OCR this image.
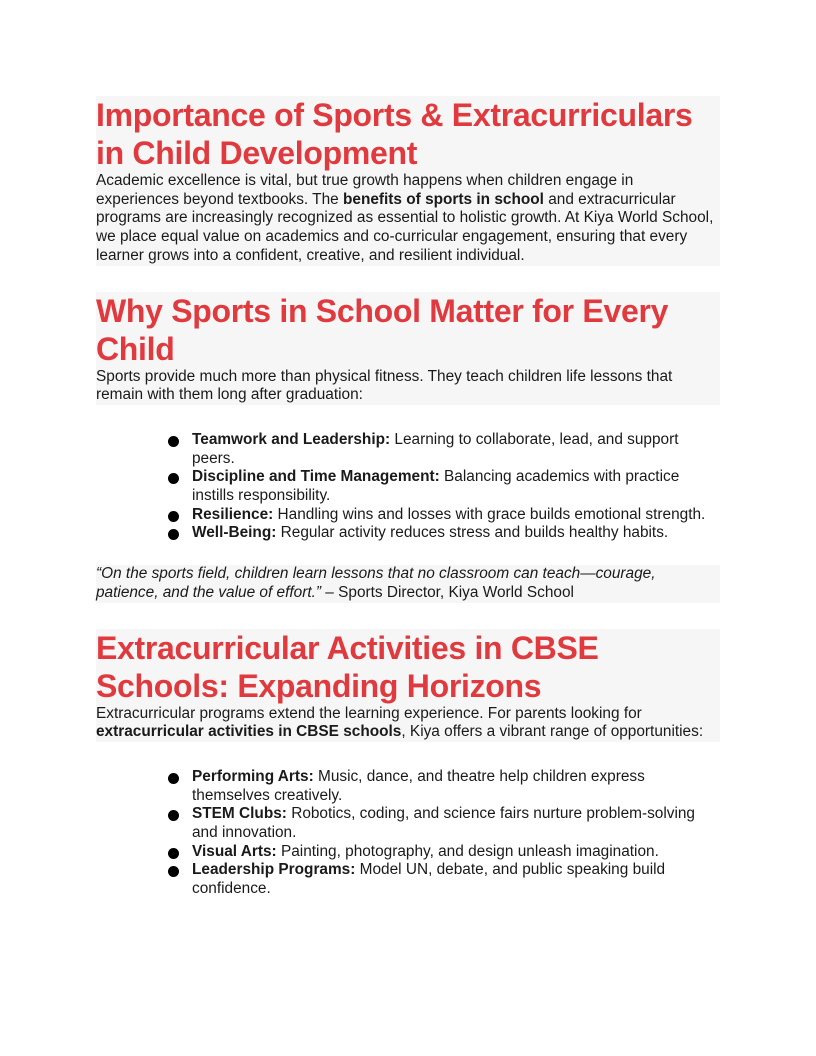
Importance of Sports & Extracurriculars in Child Development

Academic excellence is vital, but true growth happens when children engage in experiences beyond textbooks. The benefits of sports in school and extracurricular programs are increasingly recognized as essential to holistic growth. At Kiya World School, we place equal value on academics and co-curricular engagement, ensuring that every learner grows into a confident, creative, and resilient individual.

Why Sports in School Matter for Every Child

Sports provide much more than physical fitness. They teach children life lessons that remain with them long after graduation:

Teamwork and Leadership: Learning to collaborate, lead, and support peers.
Discipline and Time Management: Balancing academics with practice instills responsibility.
Resilience: Handling wins and losses with grace builds emotional strength.
Well-Being: Regular activity reduces stress and builds healthy habits.
“On the sports field, children learn lessons that no classroom can teach—courage, patience, and the value of effort.” – Sports Director, Kiya World School
Extracurricular Activities in CBSE Schools: Expanding Horizons

Extracurricular programs extend the learning experience. For parents looking for extracurricular activities in CBSE schools, Kiya offers a vibrant range of opportunities:

Performing Arts: Music, dance, and theatre help children express themselves creatively.
STEM Clubs: Robotics, coding, and science fairs nurture problem-solving and innovation.
Visual Arts: Painting, photography, and design unleash imagination.
Leadership Programs: Model UN, debate, and public speaking build confidence.
